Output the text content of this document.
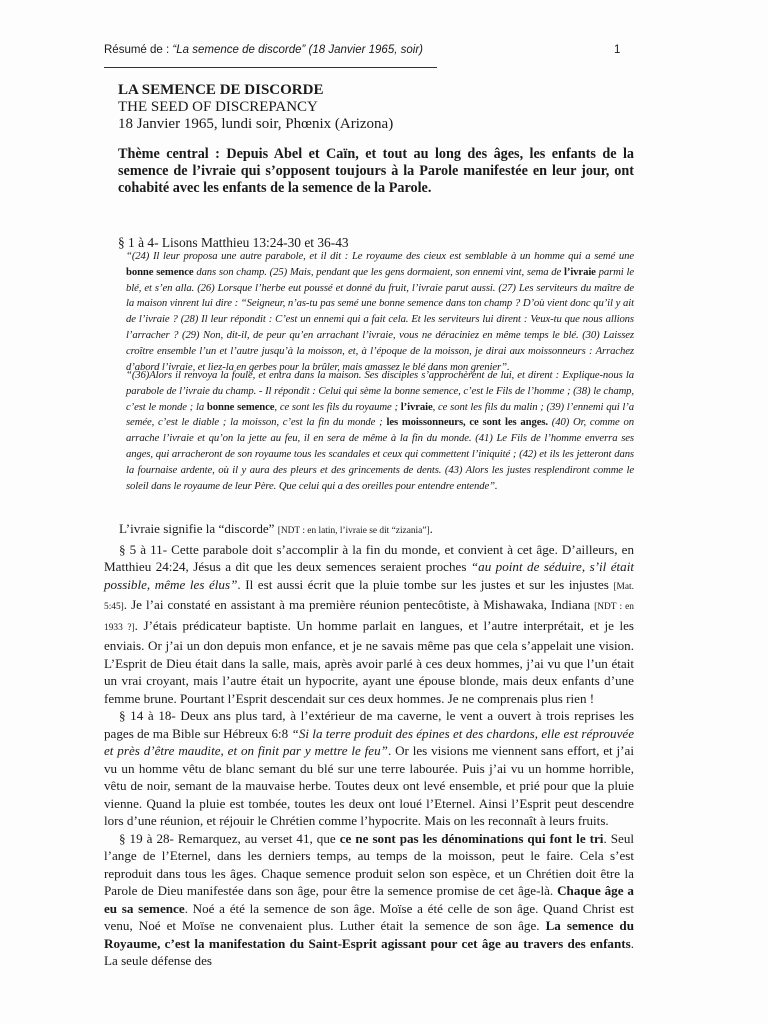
Résumé de : “La semence de discorde” (18 Janvier 1965, soir)	1
LA SEMENCE DE DISCORDE
THE SEED OF DISCREPANCY
18 Janvier 1965, lundi soir, Phœnix (Arizona)
Thème central : Depuis Abel et Caïn, et tout au long des âges, les enfants de la semence de l’ivraie qui s’opposent toujours à la Parole manifestée en leur jour, ont cohabité avec les enfants de la semence de la Parole.
§ 1 à 4- Lisons Matthieu 13:24-30 et 36-43
“(24) Il leur proposa une autre parabole, et il dit : Le royaume des cieux est semblable à un homme qui a semé une bonne semence dans son champ. (25) Mais, pendant que les gens dormaient, son ennemi vint, sema de l’ivraie parmi le blé, et s’en alla. (26) Lorsque l’herbe eut poussé et donné du fruit, l’ivraie parut aussi. (27) Les serviteurs du maître de la maison vinrent lui dire : “Seigneur, n’as-tu pas semé une bonne semence dans ton champ ? D’où vient donc qu’il y ait de l’ivraie ? (28) Il leur répondit : C’est un ennemi qui a fait cela. Et les serviteurs lui dirent : Veux-tu que nous allions l’arracher ? (29) Non, dit-il, de peur qu’en arrachant l’ivraie, vous ne déraciniez en même temps le blé. (30) Laissez croître ensemble l’un et l’autre jusqu’à la moisson, et, à l’époque de la moisson, je dirai aux moissonneurs : Arrachez d’abord l’ivraie, et liez-la en gerbes pour la brûler, mais amassez le blé dans mon grenier”.
“(36)Alors il renvoya la foule, et entra dans la maison. Ses disciples s’approchèrent de lui, et dirent : Explique-nous la parabole de l’ivraie du champ. - Il répondit : Celui qui sème la bonne semence, c’est le Fils de l’homme ; (38) le champ, c’est le monde ; la bonne semence, ce sont les fils du royaume ; l’ivraie, ce sont les fils du malin ; (39) l’ennemi qui l’a semée, c’est le diable ; la moisson, c’est la fin du monde ; les moissonneurs, ce sont les anges. (40) Or, comme on arrache l’ivraie et qu’on la jette au feu, il en sera de même à la fin du monde. (41) Le Fils de l’homme enverra ses anges, qui arracheront de son royaume tous les scandales et ceux qui commettent l’iniquité ; (42) et ils les jetteront dans la fournaise ardente, où il y aura des pleurs et des grincements de dents. (43) Alors les justes resplendiront comme le soleil dans le royaume de leur Père. Que celui qui a des oreilles pour entendre entende”.

L’ivraie signifie la “discorde” [NDT : en latin, l’ivraie se dit “zizania”].

§ 5 à 11- Cette parabole doit s’accomplir à la fin du monde, et convient à cet âge. D’ailleurs, en Matthieu 24:24, Jésus a dit que les deux semences seraient proches “au point de séduire, s’il était possible, même les élus”. Il est aussi écrit que la pluie tombe sur les justes et sur les injustes [Mat. 5:45]. Je l’ai constaté en assistant à ma première réunion pentecôtiste, à Mishawaka, Indiana [NDT : en 1933 ?]. J’étais prédicateur baptiste. Un homme parlait en langues, et l’autre interprétait, et je les enviais. Or j’ai un don depuis mon enfance, et je ne savais même pas que cela s’appelait une vision. L’Esprit de Dieu était dans la salle, mais, après avoir parlé à ces deux hommes, j’ai vu que l’un était un vrai croyant, mais l’autre était un hypocrite, ayant une épouse blonde, mais deux enfants d’une femme brune. Pourtant l’Esprit descendait sur ces deux hommes. Je ne comprenais plus rien !

§ 14 à 18- Deux ans plus tard, à l’extérieur de ma caverne, le vent a ouvert à trois reprises les pages de ma Bible sur Hébreux 6:8 “Si la terre produit des épines et des chardons, elle est réprouvée et près d’être maudite, et on finit par y mettre le feu”. Or les visions me viennent sans effort, et j’ai vu un homme vêtu de blanc semant du blé sur une terre labourée. Puis j’ai vu un homme horrible, vêtu de noir, semant de la mauvaise herbe. Toutes deux ont levé ensemble, et prié pour que la pluie vienne. Quand la pluie est tombée, toutes les deux ont loué l’Eternel. Ainsi l’Esprit peut descendre lors d’une réunion, et réjouir le Chrétien comme l’hypocrite. Mais on les reconnaît à leurs fruits.

§ 19 à 28- Remarquez, au verset 41, que ce ne sont pas les dénominations qui font le tri. Seul l’ange de l’Eternel, dans les derniers temps, au temps de la moisson, peut le faire. Cela s’est reproduit dans tous les âges. Chaque semence produit selon son espèce, et un Chrétien doit être la Parole de Dieu manifestée dans son âge, pour être la semence promise de cet âge-là. Chaque âge a eu sa semence. Noé a été la semence de son âge. Moïse a été celle de son âge. Quand Christ est venu, Noé et Moïse ne convenaient plus. Luther était la semence de son âge. La semence du Royaume, c’est la manifestation du Saint-Esprit agissant pour cet âge au travers des enfants. La seule défense des
